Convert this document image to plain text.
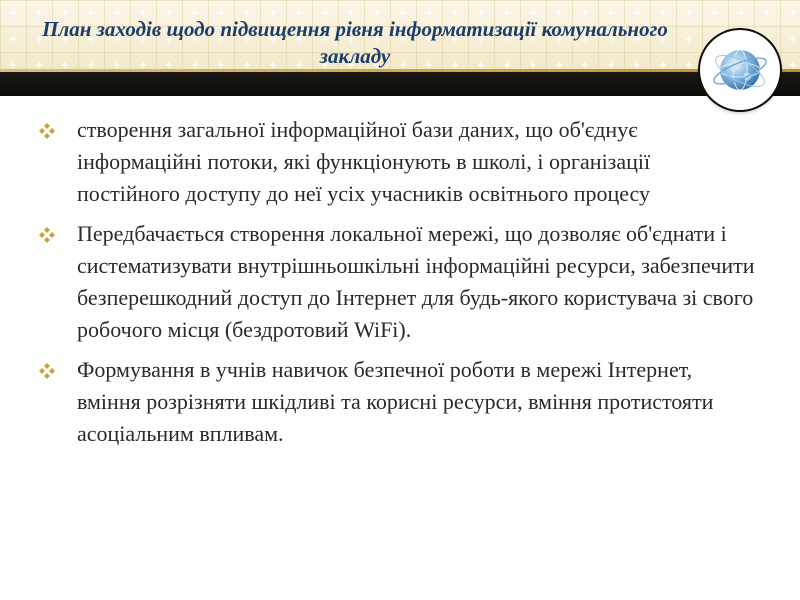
План заходів щодо підвищення рівня інформатизації комунального закладу
створення загальної інформаційної бази даних, що об'єднує інформаційні потоки, які функціонують в школі, і організації постійного доступу до неї усіх учасників освітнього процесу
Передбачається створення локальної мережі, що дозволяє об'єднати і систематизувати внутрішньошкільні інформаційні ресурси, забезпечити безперешкодний доступ до Інтернет для будь-якого користувача зі свого робочого місця (бездротовий WiFi).
Формування в учнів навичок безпечної роботи в мережі Інтернет, вміння розрізняти шкідливі та корисні ресурси, вміння протистояти асоціальним впливам.
